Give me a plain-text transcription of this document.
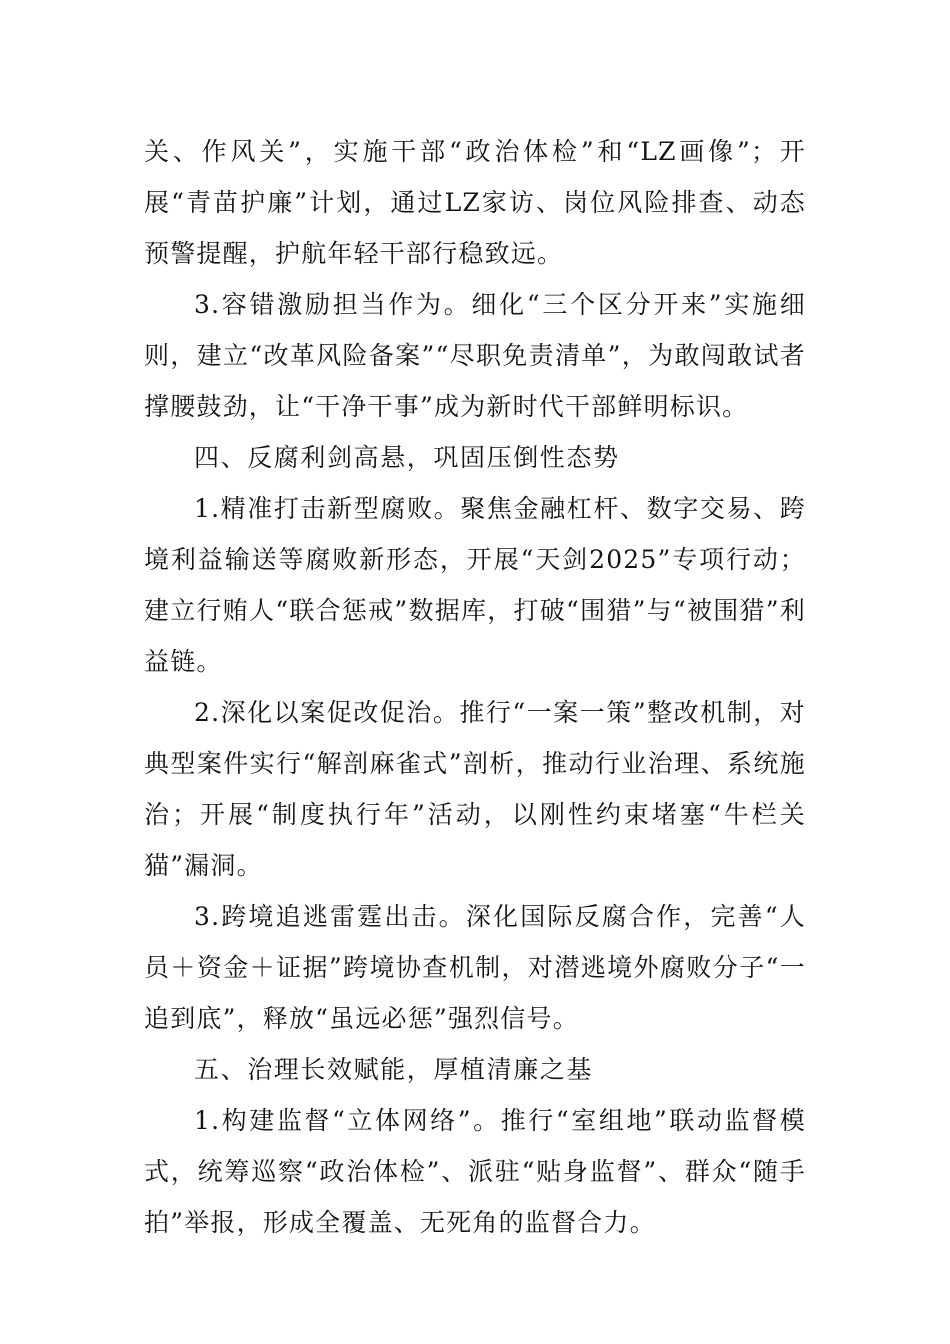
关、作风关”，实施干部“政治体检”和“LZ画像”；开展“青苗护廉”计划，通过LZ家访、岗位风险排查、动态预警提醒，护航年轻干部行稳致远。

3.容错激励担当作为。细化“三个区分开来”实施细则，建立“改革风险备案”“尽职免责清单”，为敢闯敢试者撑腰鼓劲，让“干净干事”成为新时代干部鲜明标识。

四、反腐利剑高悬，巩固压倒性态势

1.精准打击新型腐败。聚焦金融杠杆、数字交易、跨境利益输送等腐败新形态，开展“天剑2025”专项行动；建立行贿人“联合惩戒”数据库，打破“围猎”与“被围猎”利益链。

2.深化以案促改促治。推行“一案一策”整改机制，对典型案件实行“解剖麻雀式”剖析，推动行业治理、系统施治；开展“制度执行年”活动，以刚性约束堵塞“牛栏关猫”漏洞。

3.跨境追逃雷霆出击。深化国际反腐合作，完善“人员＋资金＋证据”跨境协查机制，对潜逃境外腐败分子“一追到底”，释放“虽远必惩”强烈信号。

五、治理长效赋能，厚植清廉之基

1.构建监督“立体网络”。推行“室组地”联动监督模式，统筹巡察“政治体检”、派驻“贴身监督”、群众“随手拍”举报，形成全覆盖、无死角的监督合力。
